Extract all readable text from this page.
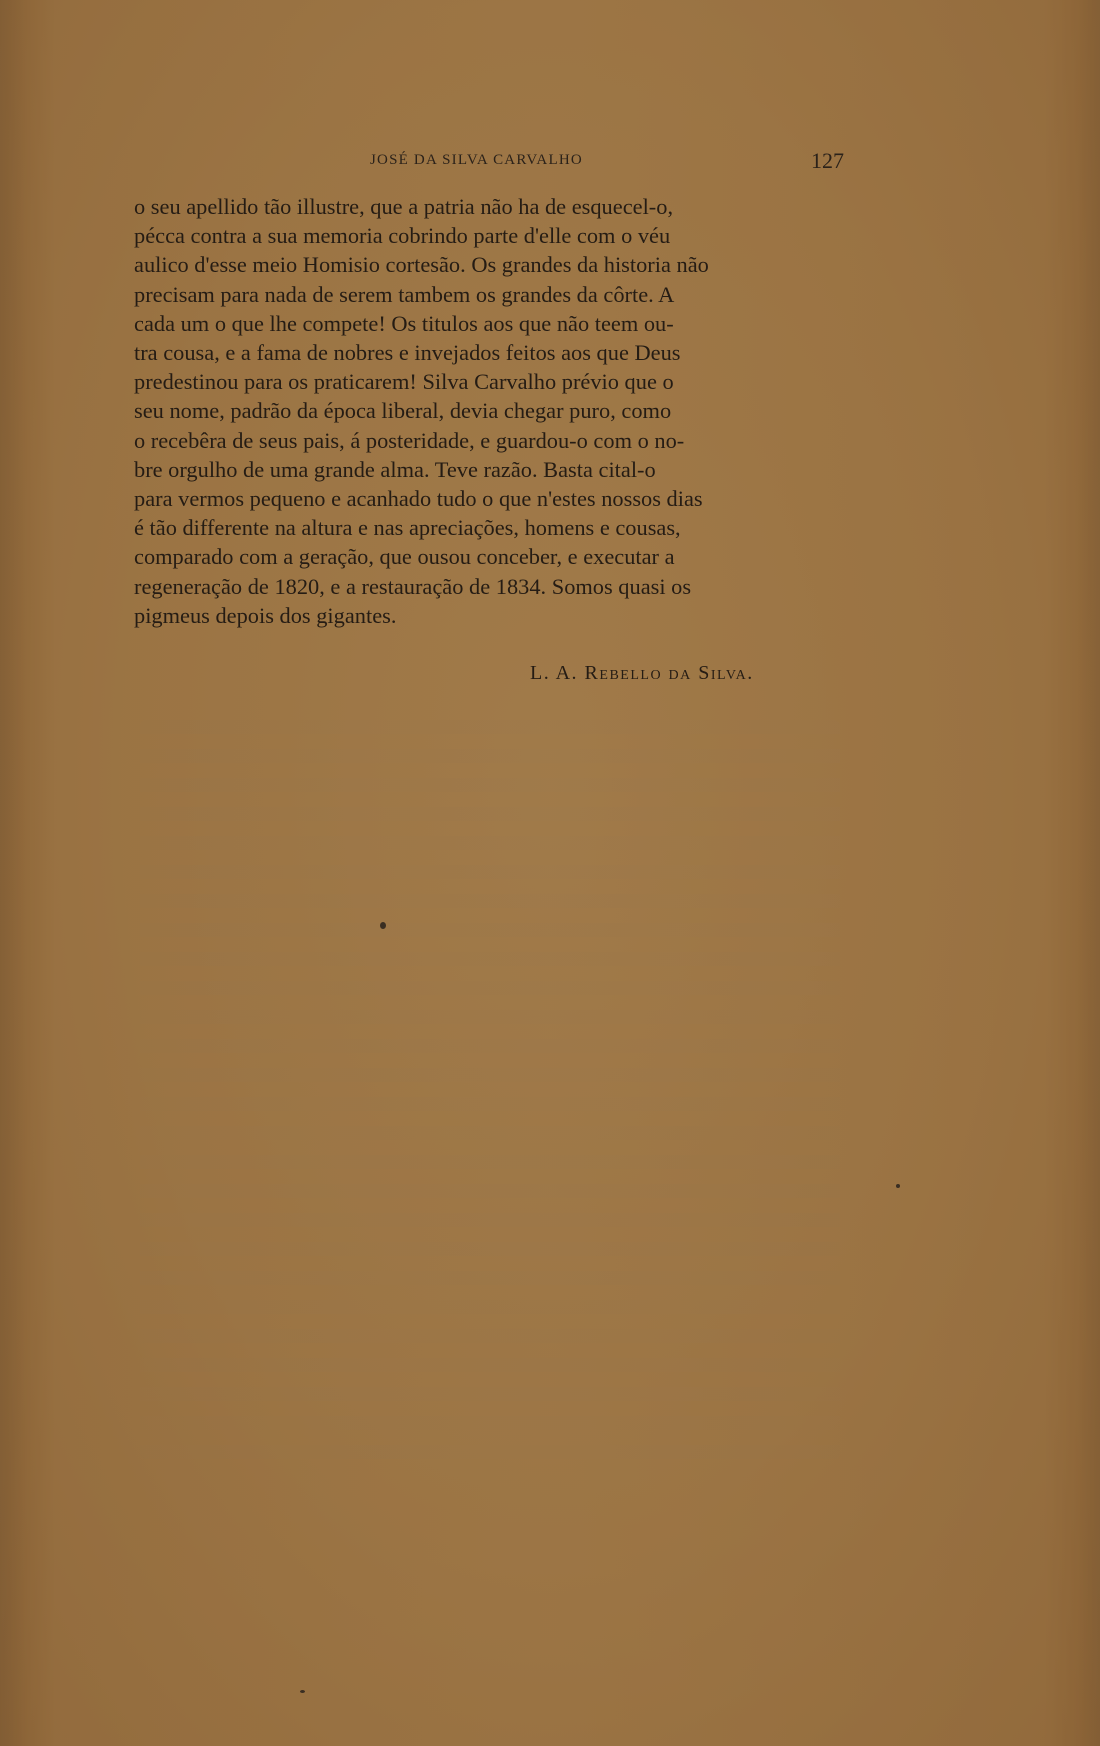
JOSÉ DA SILVA CARVALHO	127
o seu apellido tão illustre, que a patria não ha de esquecel-o,
pécca contra a sua memoria cobrindo parte d'elle com o véu
aulico d'esse meio Homisio cortesão. Os grandes da historia não
precisam para nada de serem tambem os grandes da côrte. A
cada um o que lhe compete! Os titulos aos que não teem ou-
tra cousa, e a fama de nobres e invejados feitos aos que Deus
predestinou para os praticarem! Silva Carvalho prévio que o
seu nome, padrão da época liberal, devia chegar puro, como
o recebêra de seus pais, á posteridade, e guardou-o com o no-
bre orgulho de uma grande alma. Teve razão. Basta cital-o
para vermos pequeno e acanhado tudo o que n'estes nossos dias
é tão differente na altura e nas apreciações, homens e cousas,
comparado com a geração, que ousou conceber, e executar a
regeneração de 1820, e a restauração de 1834. Somos quasi os
pigmeus depois dos gigantes.
L. A. Rebello da Silva.
